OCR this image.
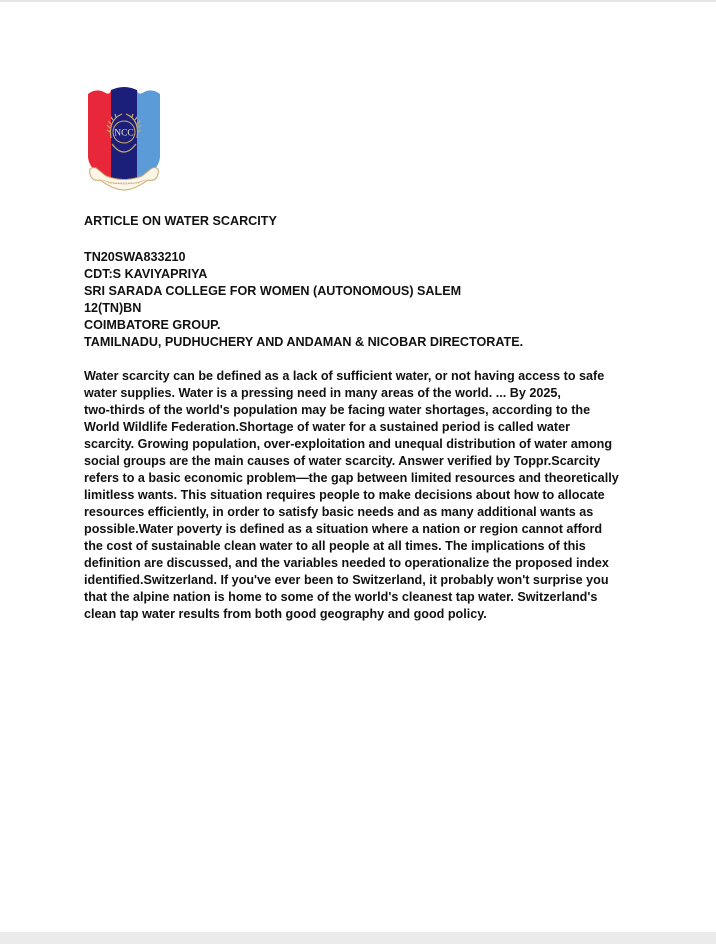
NCC
ARTICLE ON WATER SCARCITY
TN20SWA833210
CDT:S KAVIYAPRIYA
SRI SARADA COLLEGE FOR WOMEN (AUTONOMOUS) SALEM
12(TN)BN
COIMBATORE GROUP.
TAMILNADU, PUDHUCHERY AND ANDAMAN & NICOBAR DIRECTORATE.
Water scarcity can be defined as a lack of sufficient water, or not having access to safe
water supplies. Water is a pressing need in many areas of the world. ... By 2025,
two-thirds of the world's population may be facing water shortages, according to the
World Wildlife Federation.Shortage of water for a sustained period is called water
scarcity. Growing population, over-exploitation and unequal distribution of water among
social groups are the main causes of water scarcity. Answer verified by Toppr.Scarcity
refers to a basic economic problem—the gap between limited resources and theoretically
limitless wants. This situation requires people to make decisions about how to allocate
resources efficiently, in order to satisfy basic needs and as many additional wants as
possible.Water poverty is defined as a situation where a nation or region cannot afford
the cost of sustainable clean water to all people at all times. The implications of this
definition are discussed, and the variables needed to operationalize the proposed index
identified.Switzerland. If you've ever been to Switzerland, it probably won't surprise you
that the alpine nation is home to some of the world's cleanest tap water. Switzerland's
clean tap water results from both good geography and good policy.
